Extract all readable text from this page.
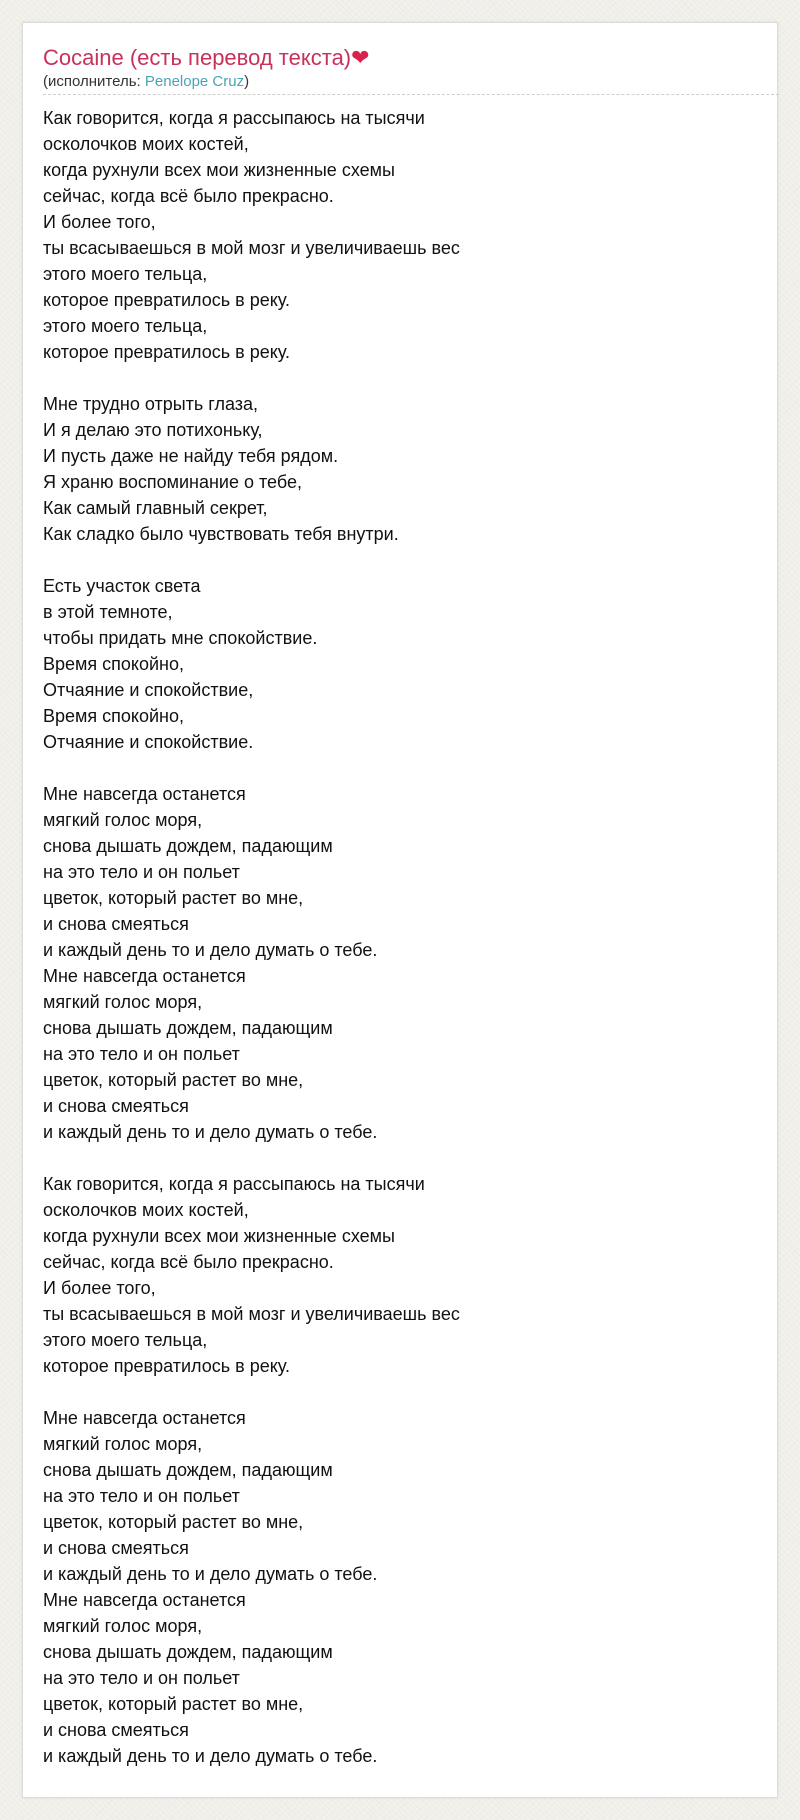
Cocaine (есть перевод текста)❤
(исполнитель: Penelope Cruz)
Как говорится, когда я рассыпаюсь на тысячи
осколочков моих костей,
когда рухнули всех мои жизненные схемы
сейчас, когда всё было прекрасно.
И более того,
ты всасываешься в мой мозг и увеличиваешь вес
этого моего тельца,
которое превратилось в реку.
этого моего тельца,
которое превратилось в реку.
Мне трудно отрыть глаза,
И я делаю это потихоньку,
И пусть даже не найду тебя рядом.
Я храню воспоминание о тебе,
Как самый главный секрет,
Как сладко было чувствовать тебя внутри.
Есть участок света
в этой темноте,
чтобы придать мне спокойствие.
Время спокойно,
Отчаяние и спокойствие,
Время спокойно,
Отчаяние и спокойствие.
Мне навсегда останется
мягкий голос моря,
снова дышать дождем, падающим
на это тело и он польет
цветок, который растет во мне,
и снова смеяться
и каждый день то и дело думать о тебе.
Мне навсегда останется
мягкий голос моря,
снова дышать дождем, падающим
на это тело и он польет
цветок, который растет во мне,
и снова смеяться
и каждый день то и дело думать о тебе.
Как говорится, когда я рассыпаюсь на тысячи
осколочков моих костей,
когда рухнули всех мои жизненные схемы
сейчас, когда всё было прекрасно.
И более того,
ты всасываешься в мой мозг и увеличиваешь вес
этого моего тельца,
которое превратилось в реку.
Мне навсегда останется
мягкий голос моря,
снова дышать дождем, падающим
на это тело и он польет
цветок, который растет во мне,
и снова смеяться
и каждый день то и дело думать о тебе.
Мне навсегда останется
мягкий голос моря,
снова дышать дождем, падающим
на это тело и он польет
цветок, который растет во мне,
и снова смеяться
и каждый день то и дело думать о тебе.
